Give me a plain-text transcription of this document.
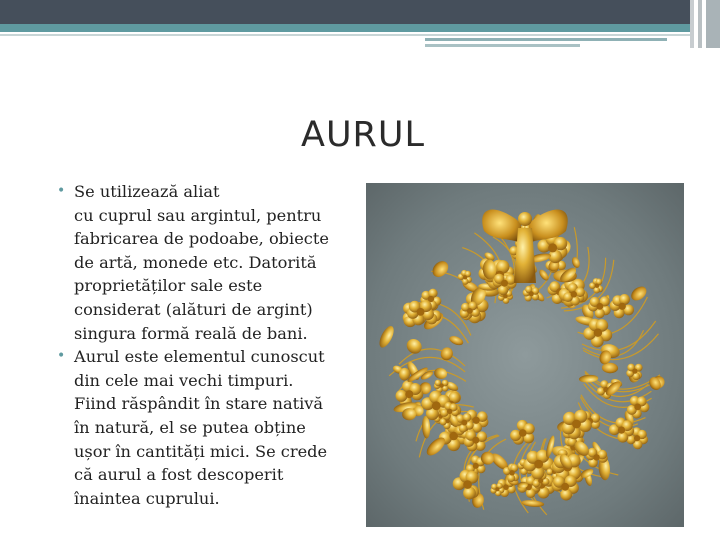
AURUL
• Se utilizează aliat
cu cuprul sau argintul, pentru
fabricarea de podoabe, obiecte
de artă, monede etc. Datorită
proprietăților sale este
considerat (alături de argint)
singura formă reală de bani.
• Aurul este elementul cunoscut
din cele mai vechi timpuri.
Fiind răspândit în stare nativă
în natură, el se putea obține
ușor în cantități mici. Se crede
că aurul a fost descoperit
înaintea cuprului.
